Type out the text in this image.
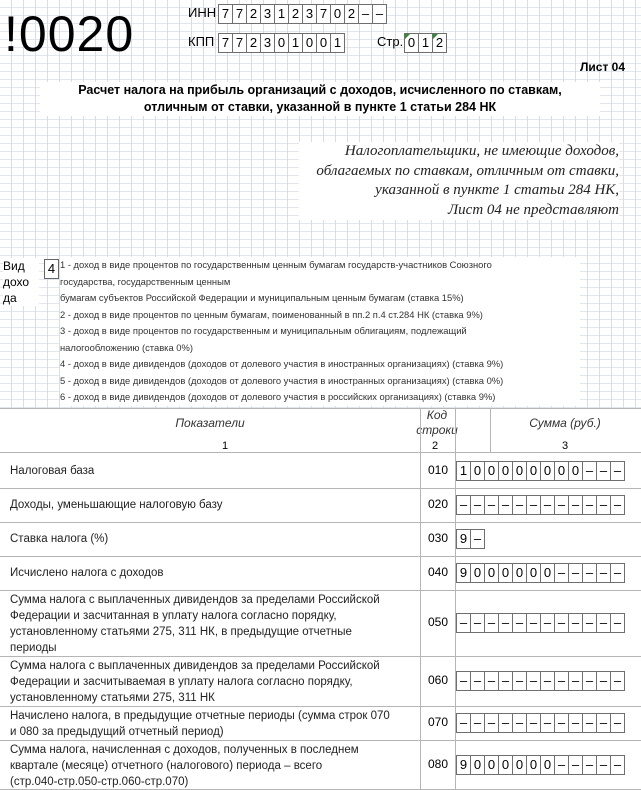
!0020	ИНН 7 7 2 3 1 2 3 7 0 2 – –
КПП 7 7 2 3 0 1 0 0 1	Стр. 0 1 2
Лист 04
Расчет налога на прибыль организаций с доходов, исчисленного по ставкам,
отличным от ставки, указанной в пункте 1 статьи 284 НК
Налогоплательщики, не имеющие доходов,
облагаемых по ставкам, отличным от ставки,
указанной в пункте 1 статьи 284 НК,
Лист 04 не представляют
Вид
дохо
да
4 1 - доход в виде процентов по государственным ценным бумагам государств-участников Союзного
государства, государственным ценным
бумагам субъектов Российской Федерации и муниципальным ценным бумагам (ставка 15%)
2 - доход в виде процентов по ценным бумагам, поименованный в пп.2 п.4 ст.284 НК (ставка 9%)
3 - доход в виде процентов по государственным и муниципальным облигациям, подлежащий
налогообложению (ставка 0%)
4 - доход в виде дивидендов (доходов от долевого участия в иностранных организациях) (ставка 9%)
5 - доход в виде дивидендов (доходов от долевого участия в иностранных организациях) (ставка 0%)
6 - доход в виде дивидендов (доходов от долевого участия в российских организациях) (ставка 9%)
Показатели
Код
строки	Сумма (руб.)
1	2	3
Налоговая база	010 1 0 0 0 0 0 0 0 0 – – –
Доходы, уменьшающие налоговую базу	020 – – – – – – – – – – – –
Ставка налога (%)	030 9 –
Исчислено налога с доходов	040 9 0 0 0 0 0 0 – – – – –
Сумма налога с выплаченных дивидендов за пределами Российской
Федерации и засчитанная в уплату налога согласно порядку,
установленному статьями 275, 311 НК, в предыдущие отчетные
периоды
050 – – – – – – – – – – – –
Сумма налога с выплаченных дивидендов за пределами Российской
Федерации и засчитываемая в уплату налога согласно порядку,
установленному статьями 275, 311 НК
060 – – – – – – – – – – – –
Начислено налога, в предыдущие отчетные периоды (сумма строк 070
и 080 за предыдущий отчетный период)
070 – – – – – – – – – – – –
Сумма налога, начисленная с доходов, полученных в последнем
квартале (месяце) отчетного (налогового) периода – всего
(стр.040-стр.050-стр.060-стр.070)
080 9 0 0 0 0 0 0 – – – – –
